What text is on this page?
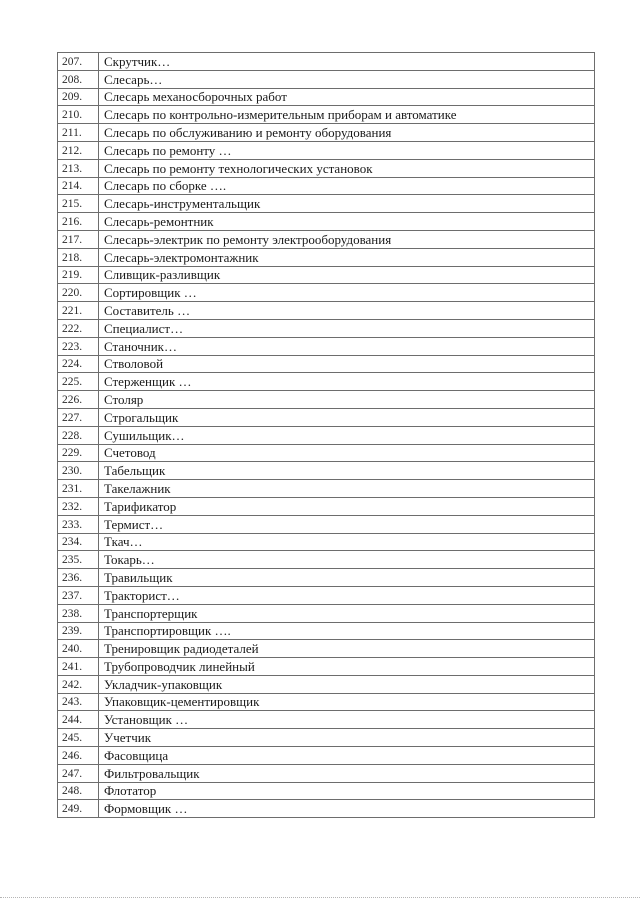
207.	Скрутчик…
208.	Слесарь…
209.	Слесарь механосборочных работ
210.	Слесарь по контрольно-измерительным приборам и автоматике
211.	Слесарь по обслуживанию и ремонту оборудования
212.	Слесарь по ремонту …
213.	Слесарь по ремонту технологических установок
214.	Слесарь по сборке ….
215.	Слесарь-инструментальщик
216.	Слесарь-ремонтник
217.	Слесарь-электрик по ремонту электрооборудования
218.	Слесарь-электромонтажник
219.	Сливщик-разливщик
220.	Сортировщик …
221.	Составитель …
222.	Специалист…
223.	Станочник…
224.	Стволовой
225.	Стерженщик …
226.	Столяр
227.	Строгальщик
228.	Сушильщик…
229.	Счетовод
230.	Табельщик
231.	Такелажник
232.	Тарификатор
233.	Термист…
234.	Ткач…
235.	Токарь…
236.	Травильщик
237.	Тракторист…
238.	Транспортерщик
239.	Транспортировщик ….
240.	Тренировщик радиодеталей
241.	Трубопроводчик линейный
242.	Укладчик-упаковщик
243.	Упаковщик-цементировщик
244.	Установщик …
245.	Учетчик
246.	Фасовщица
247.	Фильтровальщик
248.	Флотатор
249.	Формовщик …
